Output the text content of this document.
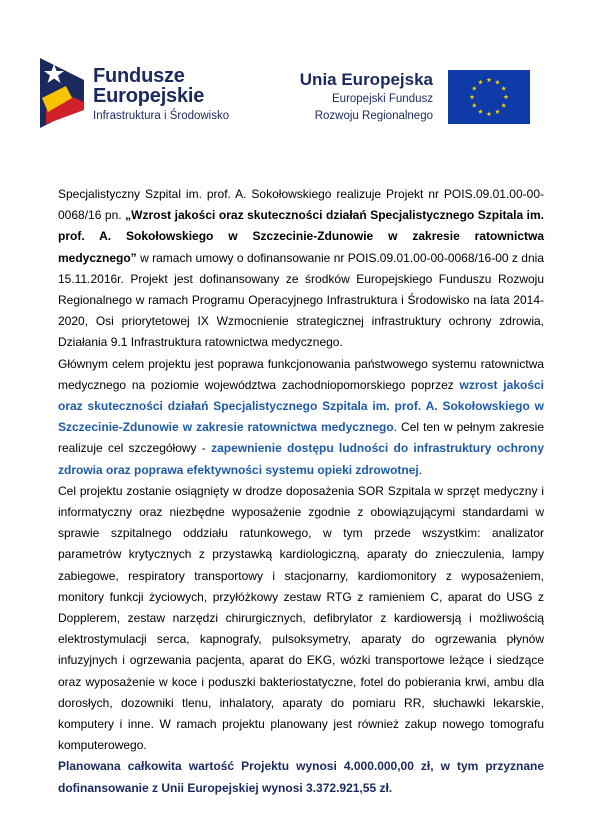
Fundusze
Europejskie
Infrastruktura i Środowisko
Unia Europejska
Europejski Fundusz
Rozwoju Regionalnego

Specjalistyczny Szpital im. prof. A. Sokołowskiego realizuje Projekt nr POIS.09.01.00-00-0068/16 pn. „Wzrost jakości oraz skuteczności działań Specjalistycznego Szpitala im. prof. A. Sokołowskiego w Szczecinie-Zdunowie w zakresie ratownictwa medycznego” w ramach umowy o dofinansowanie nr POIS.09.01.00-00-0068/16-00 z dnia 15.11.2016r. Projekt jest dofinansowany ze środków Europejskiego Funduszu Rozwoju Regionalnego w ramach Programu Operacyjnego Infrastruktura i Środowisko na lata 2014-2020, Osi priorytetowej IX Wzmocnienie strategicznej infrastruktury ochrony zdrowia, Działania 9.1 Infrastruktura ratownictwa medycznego.

Głównym celem projektu jest poprawa funkcjonowania państwowego systemu ratownictwa medycznego na poziomie województwa zachodniopomorskiego poprzez wzrost jakości oraz skuteczności działań Specjalistycznego Szpitala im. prof. A. Sokołowskiego w Szczecinie-Zdunowie w zakresie ratownictwa medycznego. Cel ten w pełnym zakresie realizuje cel szczegółowy - zapewnienie dostępu ludności do infrastruktury ochrony zdrowia oraz poprawa efektywności systemu opieki zdrowotnej.

Cel projektu zostanie osiągnięty w drodze doposażenia SOR Szpitala w sprzęt medyczny i informatyczny oraz niezbędne wyposażenie zgodnie z obowiązującymi standardami w sprawie szpitalnego oddziału ratunkowego, w tym przede wszystkim: analizator parametrów krytycznych z przystawką kardiologiczną, aparaty do znieczulenia, lampy zabiegowe, respiratory transportowy i stacjonarny, kardiomonitory z wyposażeniem, monitory funkcji życiowych, przyłóżkowy zestaw RTG z ramieniem C, aparat do USG z Dopplerem, zestaw narzędzi chirurgicznych, defibrylator z kardiowersją i możliwością elektrostymulacji serca, kapnografy, pulsoksymetry, aparaty do ogrzewania płynów infuzyjnych i ogrzewania pacjenta, aparat do EKG, wózki transportowe leżące i siedzące oraz wyposażenie w koce i poduszki bakteriostatyczne, fotel do pobierania krwi, ambu dla dorosłych, dozowniki tlenu, inhalatory, aparaty do pomiaru RR, słuchawki lekarskie, komputery i inne. W ramach projektu planowany jest również zakup nowego tomografu komputerowego.

Planowana całkowita wartość Projektu wynosi 4.000.000,00 zł, w tym przyznane dofinansowanie z Unii Europejskiej wynosi 3.372.921,55 zł.
